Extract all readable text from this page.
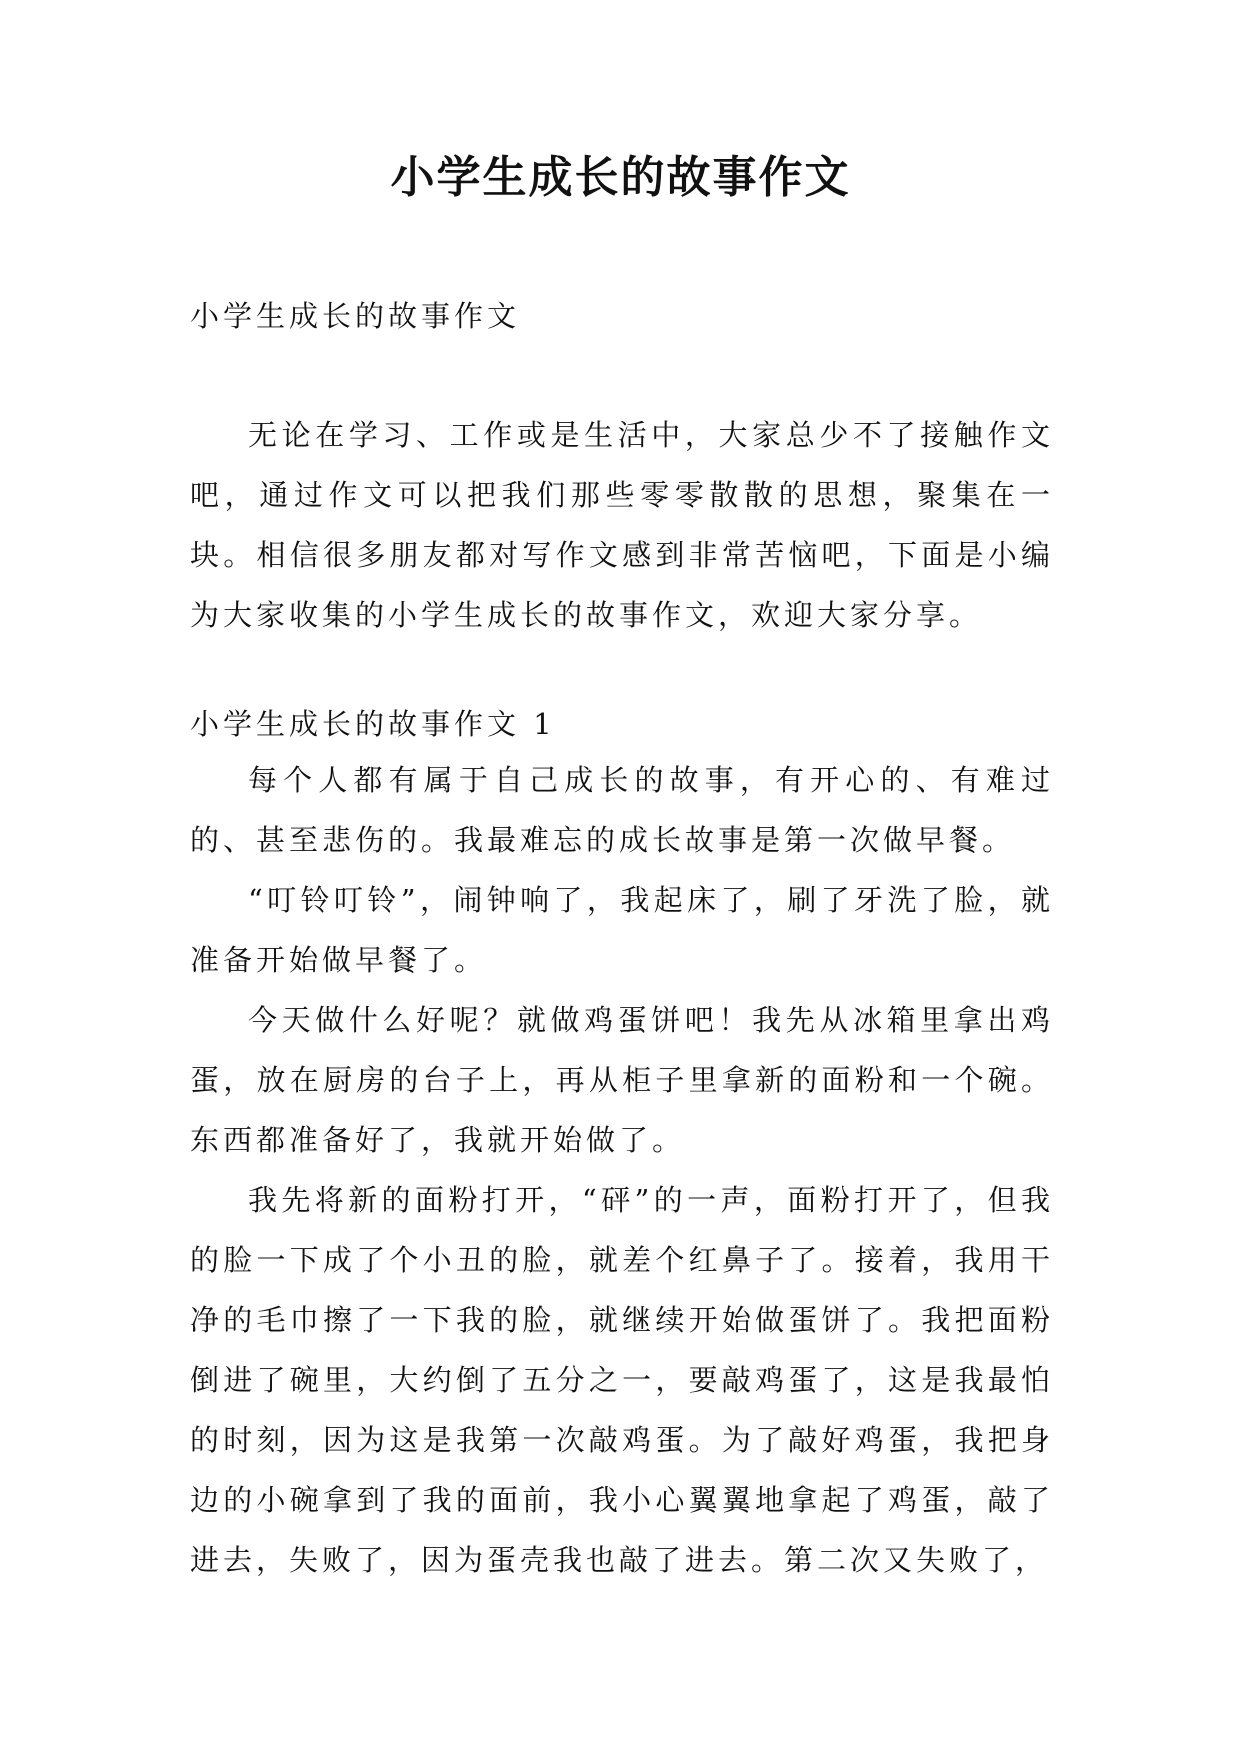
小学生成长的故事作文
小学生成长的故事作文

无论在学习、工作或是生活中，大家总少不了接触作文吧，通过作文可以把我们那些零零散散的思想，聚集在一块。相信很多朋友都对写作文感到非常苦恼吧，下面是小编为大家收集的小学生成长的故事作文，欢迎大家分享。

小学生成长的故事作文 1

每个人都有属于自己成长的故事，有开心的、有难过的、甚至悲伤的。我最难忘的成长故事是第一次做早餐。

“叮铃叮铃”，闹钟响了，我起床了，刷了牙洗了脸，就准备开始做早餐了。

今天做什么好呢？就做鸡蛋饼吧！我先从冰箱里拿出鸡蛋，放在厨房的台子上，再从柜子里拿新的面粉和一个碗。东西都准备好了，我就开始做了。

我先将新的面粉打开，“砰”的一声，面粉打开了，但我的脸一下成了个小丑的脸，就差个红鼻子了。接着，我用干净的毛巾擦了一下我的脸，就继续开始做蛋饼了。我把面粉倒进了碗里，大约倒了五分之一，要敲鸡蛋了，这是我最怕的时刻，因为这是我第一次敲鸡蛋。为了敲好鸡蛋，我把身边的小碗拿到了我的面前，我小心翼翼地拿起了鸡蛋，敲了进去，失败了，因为蛋壳我也敲了进去。第二次又失败了，
